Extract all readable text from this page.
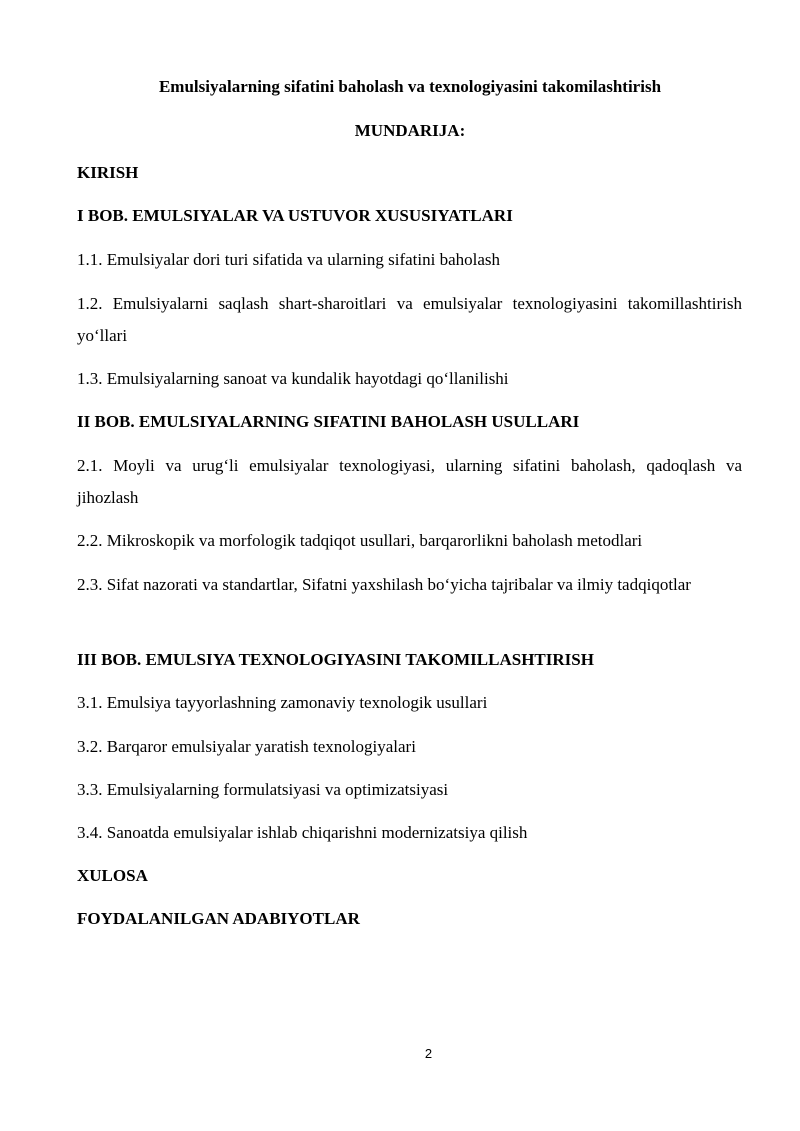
Emulsiyalarning sifatini baholash va texnologiyasini takomilashtirish

MUNDARIJA:

KIRISH

I BOB. EMULSIYALAR VA USTUVOR XUSUSIYATLARI

1.1. Emulsiyalar dori turi sifatida va ularning sifatini baholash

1.2. Emulsiyalarni saqlash shart-sharoitlari va emulsiyalar texnologiyasini takomillashtirish yo‘llari

1.3. Emulsiyalarning sanoat va kundalik hayotdagi qo‘llanilishi

II BOB. EMULSIYALARNING SIFATINI BAHOLASH USULLARI

2.1. Moyli va urug‘li emulsiyalar texnologiyasi, ularning sifatini baholash, qadoqlash va jihozlash

2.2. Mikroskopik va morfologik tadqiqot usullari, barqarorlikni baholash metodlari

2.3. Sifat nazorati va standartlar, Sifatni yaxshilash bo‘yicha tajribalar va ilmiy tadqiqotlar

III BOB. EMULSIYA TEXNOLOGIYASINI TAKOMILLASHTIRISH

3.1. Emulsiya tayyorlashning zamonaviy texnologik usullari

3.2. Barqaror emulsiyalar yaratish texnologiyalari

3.3. Emulsiyalarning formulatsiyasi va optimizatsiyasi

3.4. Sanoatda emulsiyalar ishlab chiqarishni modernizatsiya qilish

XULOSA

FOYDALANILGAN ADABIYOTLAR

2
